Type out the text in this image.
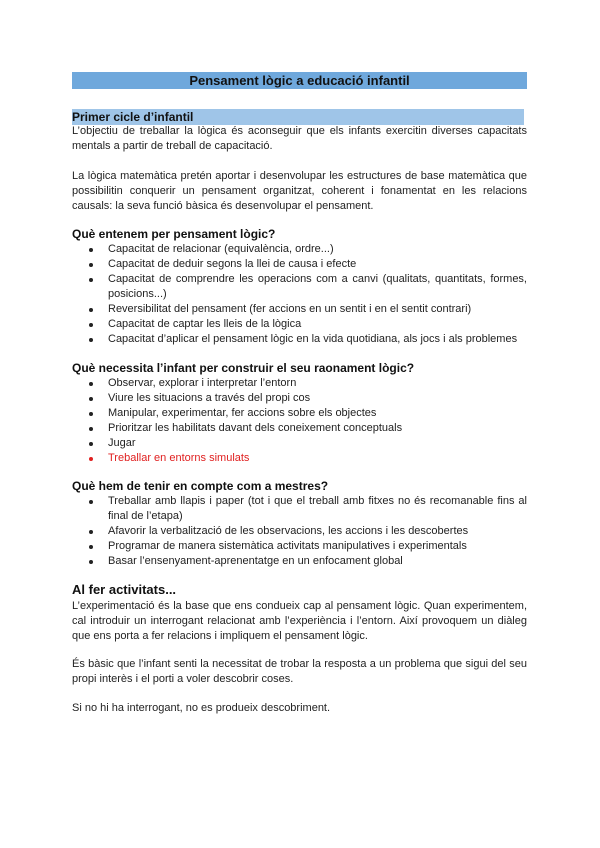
Pensament lògic a educació infantil
Primer cicle d’infantil

L’objectiu de treballar la lògica és aconseguir que els infants exercitin diverses capacitats mentals a partir de treball de capacitació.

La lògica matemàtica pretén aportar i desenvolupar les estructures de base matemàtica que possibilitin conquerir un pensament organitzat, coherent i fonamentat en les relacions causals: la seva funció bàsica és desenvolupar el pensament.

Què entenem per pensament lògic?

Capacitat de relacionar (equivalència, ordre...)
Capacitat de deduir segons la llei de causa i efecte
Capacitat de comprendre les operacions com a canvi (qualitats, quantitats, formes, posicions...)
Reversibilitat del pensament (fer accions en un sentit i en el sentit contrari)
Capacitat de captar les lleis de la lògica
Capacitat d’aplicar el pensament lògic en la vida quotidiana, als jocs i als problemes

Què necessita l’infant per construir el seu raonament lògic?

Observar, explorar i interpretar l’entorn
Viure les situacions a través del propi cos
Manipular, experimentar, fer accions sobre els objectes
Prioritzar les habilitats davant dels coneixement conceptuals
Jugar
Treballar en entorns simulats

Què hem de tenir en compte com a mestres?

Treballar amb llapis i paper (tot i que el treball amb fitxes no és recomanable fins al final de l’etapa)
Afavorir la verbalització de les observacions, les accions i les descobertes
Programar de manera sistemàtica activitats manipulatives i experimentals
Basar l’ensenyament-aprenentatge en un enfocament global

Al fer activitats...

L’experimentació és la base que ens condueix cap al pensament lògic. Quan experimentem, cal introduir un interrogant relacionat amb l’experiència i l’entorn. Així provoquem un diàleg que ens porta a fer relacions i impliquem el pensament lògic.

És bàsic que l’infant senti la necessitat de trobar la resposta a un problema que sigui del seu propi interès i el porti a voler descobrir coses.

Si no hi ha interrogant, no es produeix descobriment.
